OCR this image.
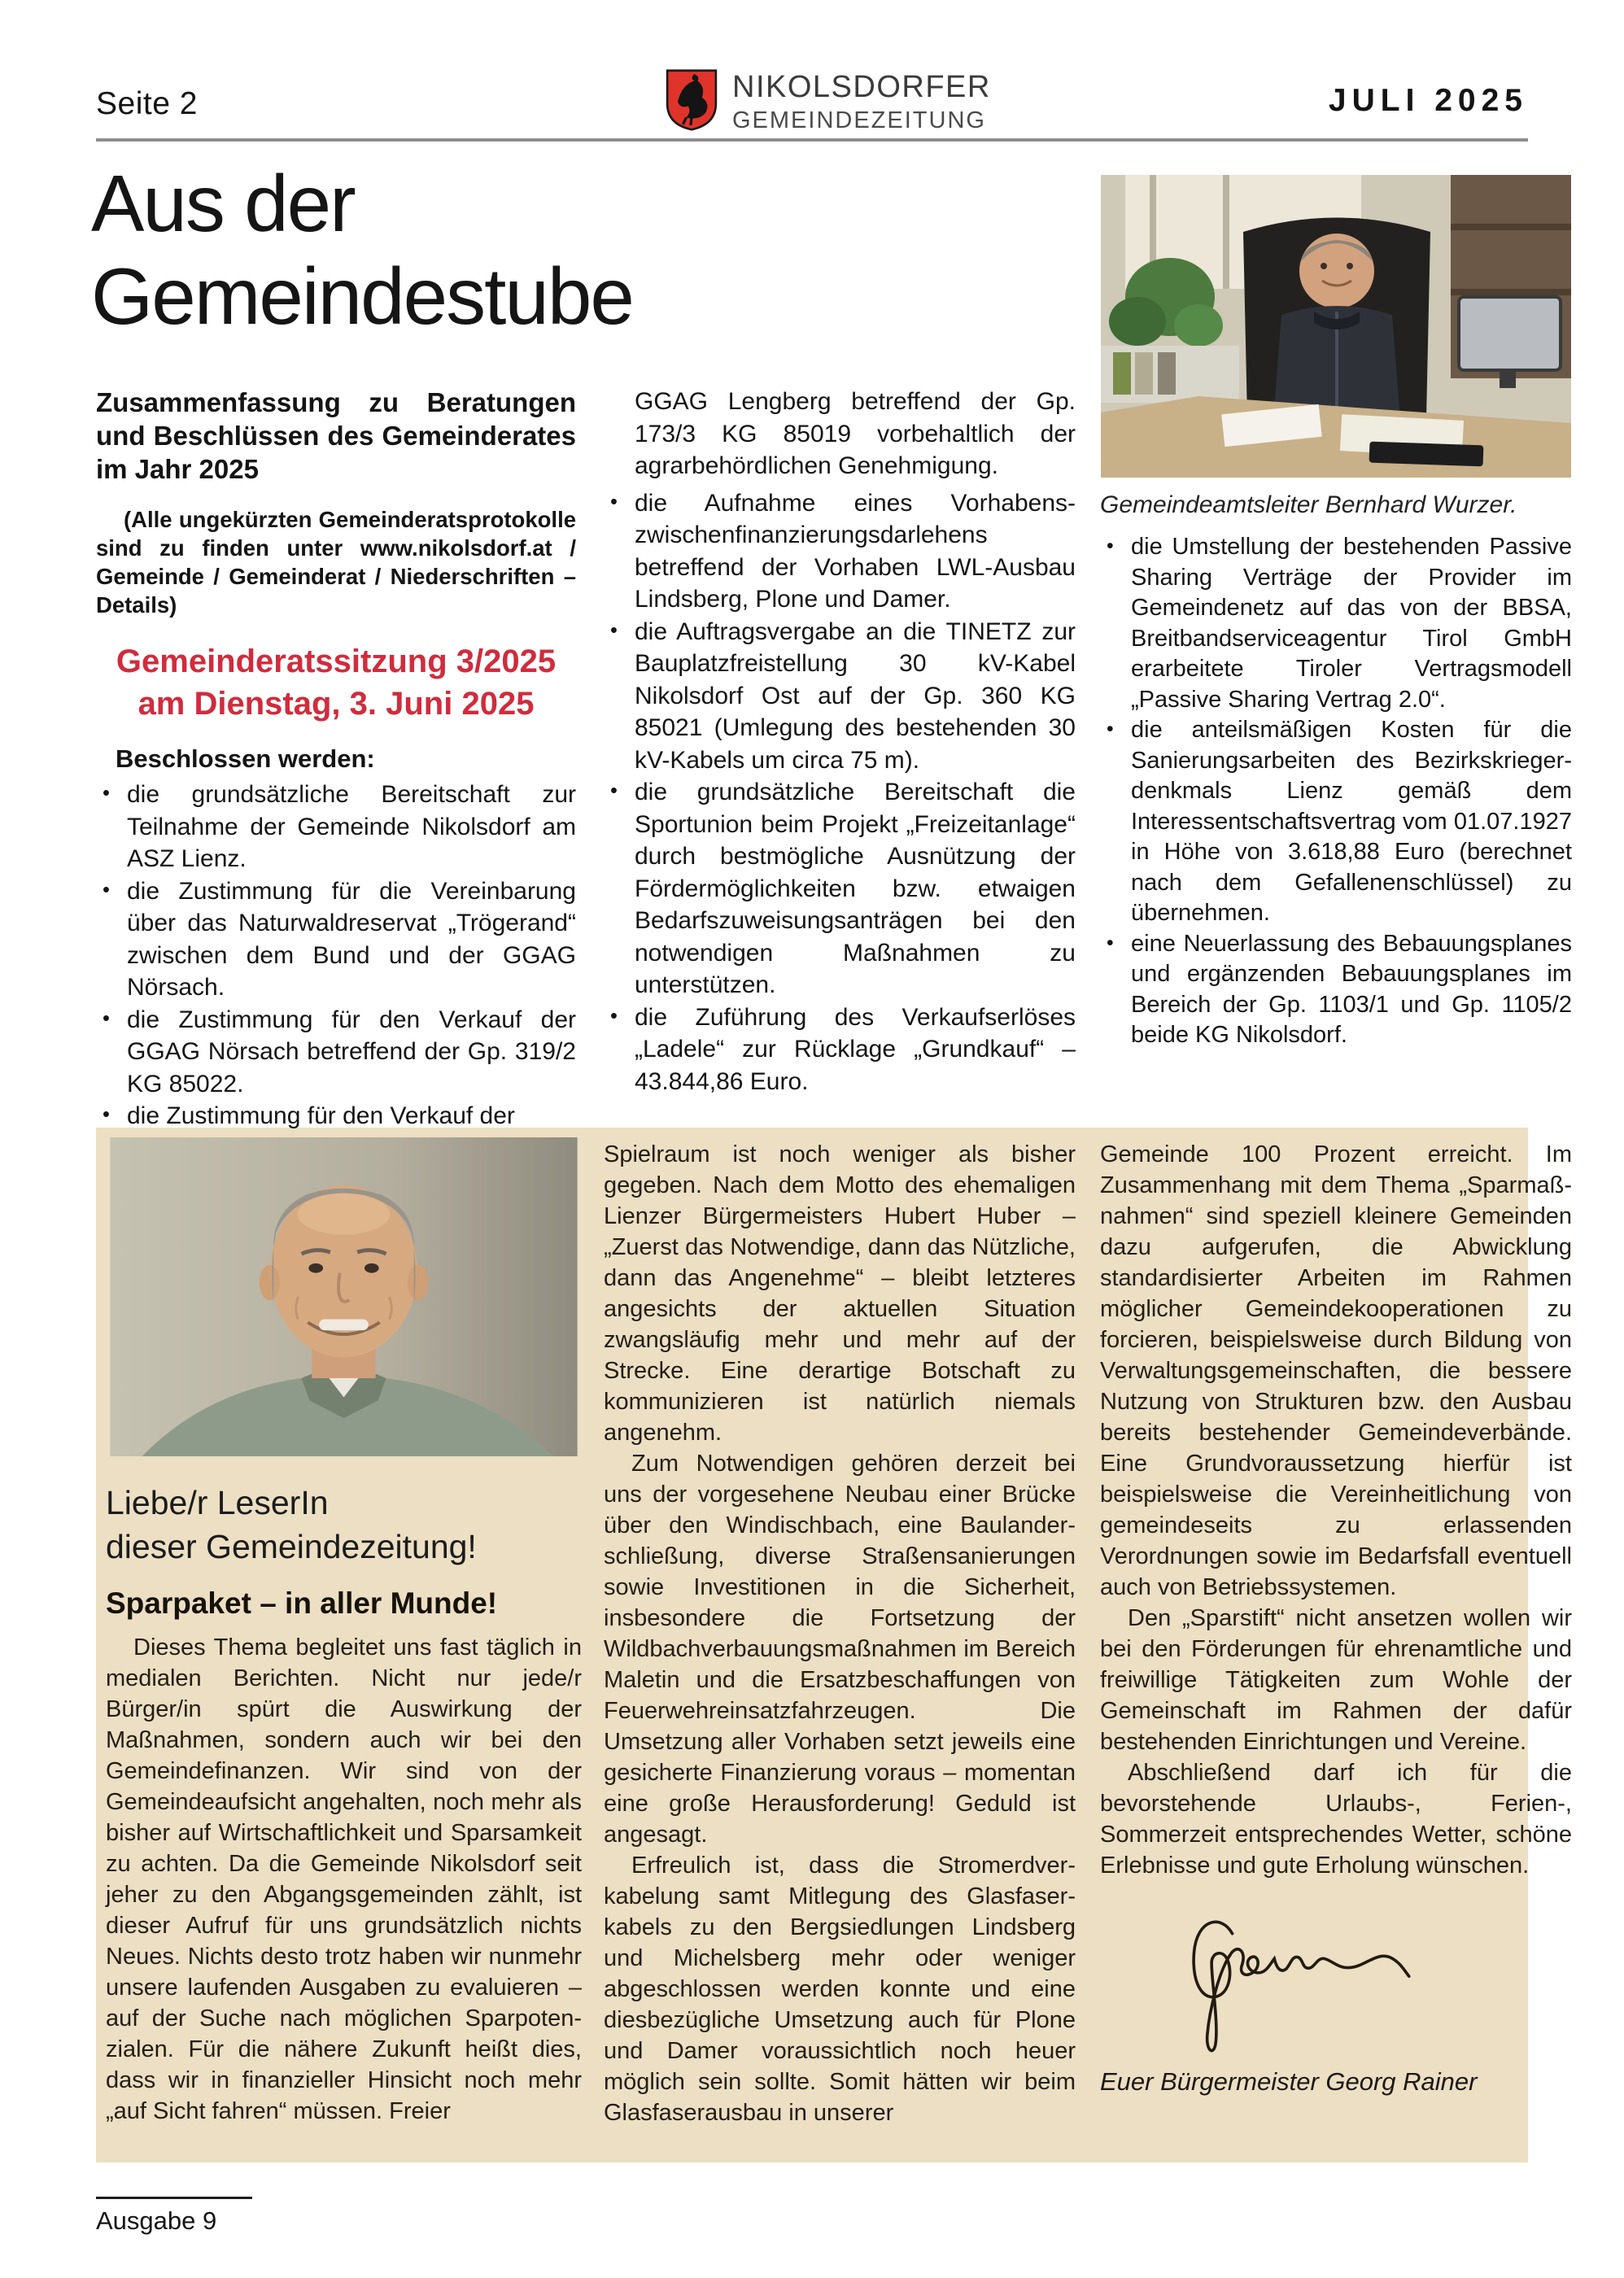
Seite 2	NIKOLSDORFER
GEMEINDEZEITUNG
JULI 2025
Aus der
Gemeindestube
Zusammenfassung zu Beratungen und Beschlüssen des Gemeinderates im Jahr 2025
(Alle ungekürzten Gemeinderatsprotokolle sind zu finden unter www.nikolsdorf.at / Gemeinde / Gemeinderat / Niederschriften – Details)
Gemeinderatssitzung 3/2025
am Dienstag, 3. Juni 2025
Beschlossen werden:
• die grundsätzliche Bereitschaft zur Teilnahme der Gemeinde Nikolsdorf am ASZ Lienz.
• die Zustimmung für die Vereinbarung über das Naturwaldreservat „Trögerand“ zwischen dem Bund und der GGAG Nörsach.
• die Zustimmung für den Verkauf der GGAG Nörsach betreffend der Gp. 319/2 KG 85022.
• die Zustimmung für den Verkauf der
GGAG Lengberg betreffend der Gp. 173/3 KG 85019 vorbehaltlich der agrarbehördlichen Genehmigung.
• die Aufnahme eines Vorhabenszwischenfinanzierungsdarlehens betreffend der Vorhaben LWL-Ausbau Lindsberg, Plone und Damer.
• die Auftragsvergabe an die TINETZ zur Bauplatzfreistellung 30 kV-Kabel Nikolsdorf Ost auf der Gp. 360 KG 85021 (Umlegung des bestehenden 30 kV-Kabels um circa 75 m).
• die grundsätzliche Bereitschaft die Sportunion beim Projekt „Freizeitanlage“ durch bestmögliche Ausnützung der Fördermöglichkeiten bzw. etwaigen Bedarfszuweisungsanträgen bei den notwendigen Maßnahmen zu unterstützen.
• die Zuführung des Verkaufserlöses „Ladele“ zur Rücklage „Grundkauf“ – 43.844,86 Euro.
Gemeindeamtsleiter Bernhard Wurzer.
• die Umstellung der bestehenden Passive Sharing Verträge der Provider im Gemeindenetz auf das von der BBSA, Breitbandserviceagentur Tirol GmbH erarbeitete Tiroler Vertragsmodell „Passive Sharing Vertrag 2.0“.
• die anteilsmäßigen Kosten für die Sanierungsarbeiten des Bezirkskriegerdenkmals Lienz gemäß dem Interessentschaftsvertrag vom 01.07.1927 in Höhe von 3.618,88 Euro (berechnet nach dem Gefallenenschlüssel) zu übernehmen.
• eine Neuerlassung des Bebauungsplanes und ergänzenden Bebauungsplanes im Bereich der Gp. 1103/1 und Gp. 1105/2 beide KG Nikolsdorf.
Liebe/r LeserIn
dieser Gemeindezeitung!
Sparpaket – in aller Munde!

Dieses Thema begleitet uns fast täglich in medialen Berichten. Nicht nur jede/r Bürger/in spürt die Auswirkung der Maßnahmen, sondern auch wir bei den Gemeindefinanzen. Wir sind von der Gemeindeaufsicht angehalten, noch mehr als bisher auf Wirtschaftlichkeit und Sparsamkeit zu achten. Da die Gemeinde Nikolsdorf seit jeher zu den Abgangsgemeinden zählt, ist dieser Aufruf für uns grundsätzlich nichts Neues. Nichts desto trotz haben wir nunmehr unsere laufenden Ausgaben zu evaluieren – auf der Suche nach möglichen Sparpotenzialen. Für die nähere Zukunft heißt dies, dass wir in finanzieller Hinsicht noch mehr „auf Sicht fahren“ müssen. Freier

Spielraum ist noch weniger als bisher gegeben. Nach dem Motto des ehemaligen Lienzer Bürgermeisters Hubert Huber – „Zuerst das Notwendige, dann das Nützliche, dann das Angenehme“ – bleibt letzteres angesichts der aktuellen Situation zwangsläufig mehr und mehr auf der Strecke. Eine derartige Botschaft zu kommunizieren ist natürlich niemals angenehm.

Zum Notwendigen gehören derzeit bei uns der vorgesehene Neubau einer Brücke über den Windischbach, eine Baulanderschließung, diverse Straßensanierungen sowie Investitionen in die Sicherheit, insbesondere die Fortsetzung der Wildbachverbauungsmaßnahmen im Bereich Maletin und die Ersatzbeschaffungen von Feuerwehreinsatzfahrzeugen. Die Umsetzung aller Vorhaben setzt jeweils eine gesicherte Finanzierung voraus – momentan eine große Herausforderung! Geduld ist angesagt.

Erfreulich ist, dass die Stromerdverkabelung samt Mitlegung des Glasfaserkabels zu den Bergsiedlungen Lindsberg und Michelsberg mehr oder weniger abgeschlossen werden konnte und eine diesbezügliche Umsetzung auch für Plone und Damer voraussichtlich noch heuer möglich sein sollte. Somit hätten wir beim Glasfaserausbau in unserer

Gemeinde 100 Prozent erreicht. Im Zusammenhang mit dem Thema „Sparmaßnahmen“ sind speziell kleinere Gemeinden dazu aufgerufen, die Abwicklung standardisierter Arbeiten im Rahmen möglicher Gemeindekooperationen zu forcieren, beispielsweise durch Bildung von Verwaltungsgemeinschaften, die bessere Nutzung von Strukturen bzw. den Ausbau bereits bestehender Gemeindeverbände. Eine Grundvoraussetzung hierfür ist beispielsweise die Vereinheitlichung von gemeindeseits zu erlassenden Verordnungen sowie im Bedarfsfall eventuell auch von Betriebssystemen.

Den „Sparstift“ nicht ansetzen wollen wir bei den Förderungen für ehrenamtliche und freiwillige Tätigkeiten zum Wohle der Gemeinschaft im Rahmen der dafür bestehenden Einrichtungen und Vereine.

Abschließend darf ich für die bevorstehende Urlaubs-, Ferien-, Sommerzeit entsprechendes Wetter, schöne Erlebnisse und gute Erholung wünschen.

Euer Bürgermeister Georg Rainer
Ausgabe 9
